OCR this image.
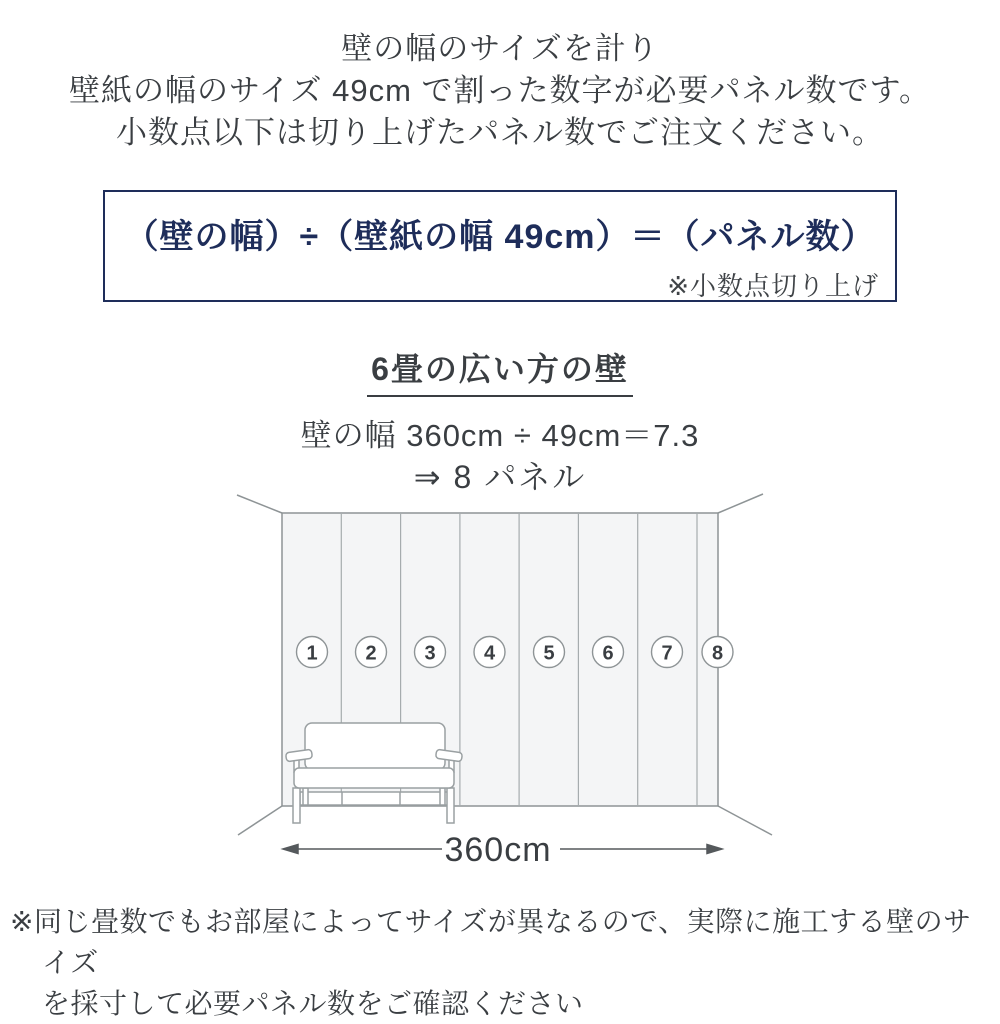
壁の幅のサイズを計り
壁紙の幅のサイズ 49cm で割った数字が必要パネル数です。
小数点以下は切り上げたパネル数でご注文ください。
（壁の幅）÷（壁紙の幅 49cm）＝（パネル数）
※小数点切り上げ
6畳の広い方の壁
壁の幅 360cm ÷ 49cm＝7.3
⇒ 8 パネル
1 2 3 4 5 6 7 8
360cm
※同じ畳数でもお部屋によってサイズが異なるので、実際に施工する壁のサイズ
を採寸して必要パネル数をご確認ください
